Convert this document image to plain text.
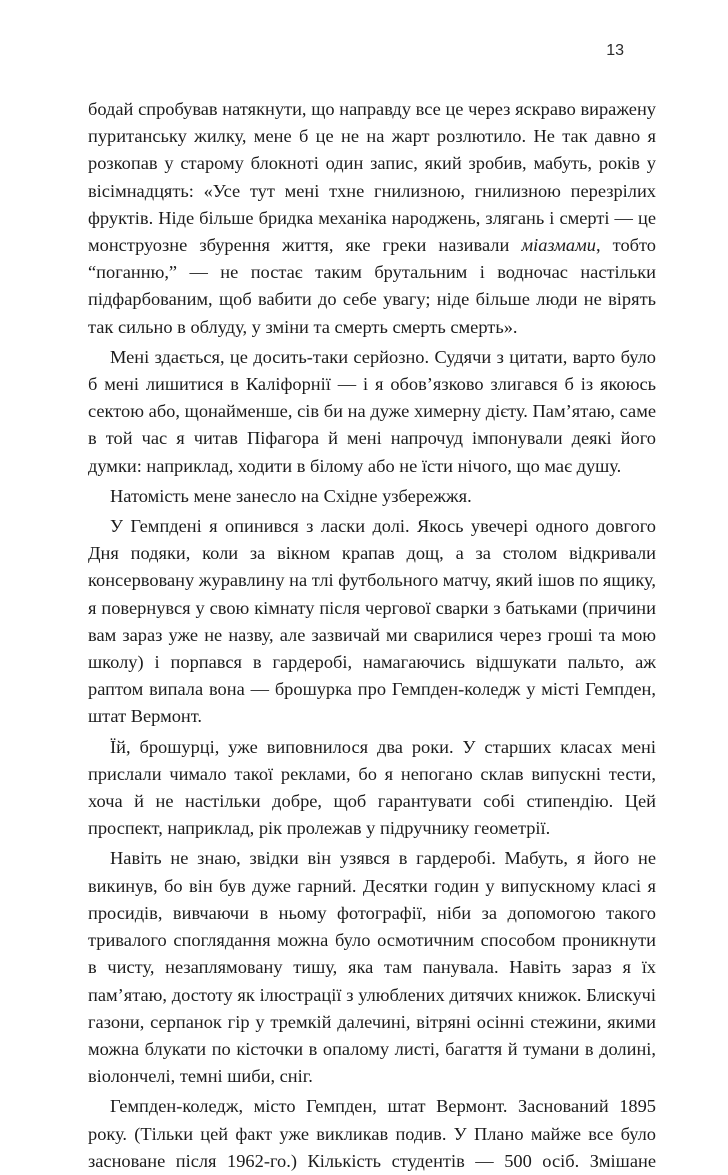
13

бодай спробував натякнути, що направду все це через яскраво виражену пуританську жилку, мене б це не на жарт розлютило. Не так давно я розкопав у старому блокноті один запис, який зробив, мабуть, років у вісімнадцять: «Усе тут мені тхне гнилизною, гнилизною перезрілих фруктів. Ніде більше бридка механіка народжень, злягань і смерті — це монструозне збурення життя, яке греки називали міазмами, тобто “поганню,” — не постає таким брутальним і водночас настільки підфарбованим, щоб вабити до себе увагу; ніде більше люди не вірять так сильно в облуду, у зміни та смерть смерть смерть».

Мені здається, це досить-таки серйозно. Судячи з цитати, варто було б мені лишитися в Каліфорнії — і я обов’язково злигався б із якоюсь сектою або, щонайменше, сів би на дуже химерну дієту. Пам’ятаю, саме в той час я читав Піфагора й мені напрочуд імпонували деякі його думки: наприклад, ходити в білому або не їсти нічого, що має душу.

Натомість мене занесло на Східне узбережжя.

У Гемпдені я опинився з ласки долі. Якось увечері одного довгого Дня подяки, коли за вікном крапав дощ, а за столом відкривали консервовану журавлину на тлі футбольного матчу, який ішов по ящику, я повернувся у свою кімнату після чергової сварки з батьками (причини вам зараз уже не назву, але зазвичай ми сварилися через гроші та мою школу) і порпався в гардеробі, намагаючись відшукати пальто, аж раптом випала вона — брошурка про Гемпден-коледж у місті Гемпден, штат Вермонт.

Їй, брошурці, уже виповнилося два роки. У старших класах мені прислали чимало такої реклами, бо я непогано склав випускні тести, хоча й не настільки добре, щоб гарантувати собі стипендію. Цей проспект, наприклад, рік пролежав у підручнику геометрії.

Навіть не знаю, звідки він узявся в гардеробі. Мабуть, я його не викинув, бо він був дуже гарний. Десятки годин у випускному класі я просидів, вивчаючи в ньому фотографії, ніби за допомогою такого тривалого споглядання можна було осмотичним способом проникнути в чисту, незаплямовану тишу, яка там панувала. Навіть зараз я їх пам’ятаю, достоту як ілюстрації з улюблених дитячих книжок. Блискучі газони, серпанок гір у тремкій далечині, вітряні осінні стежини, якими можна блукати по кісточки в опалому листі, багаття й тумани в долині, віолончелі, темні шиби, сніг.

Гемпден-коледж, місто Гемпден, штат Вермонт. Заснований 1895 року. (Тільки цей факт уже викликав подив. У Плано майже все було засноване після 1962-го.) Кількість студентів — 500 осіб. Змішане
